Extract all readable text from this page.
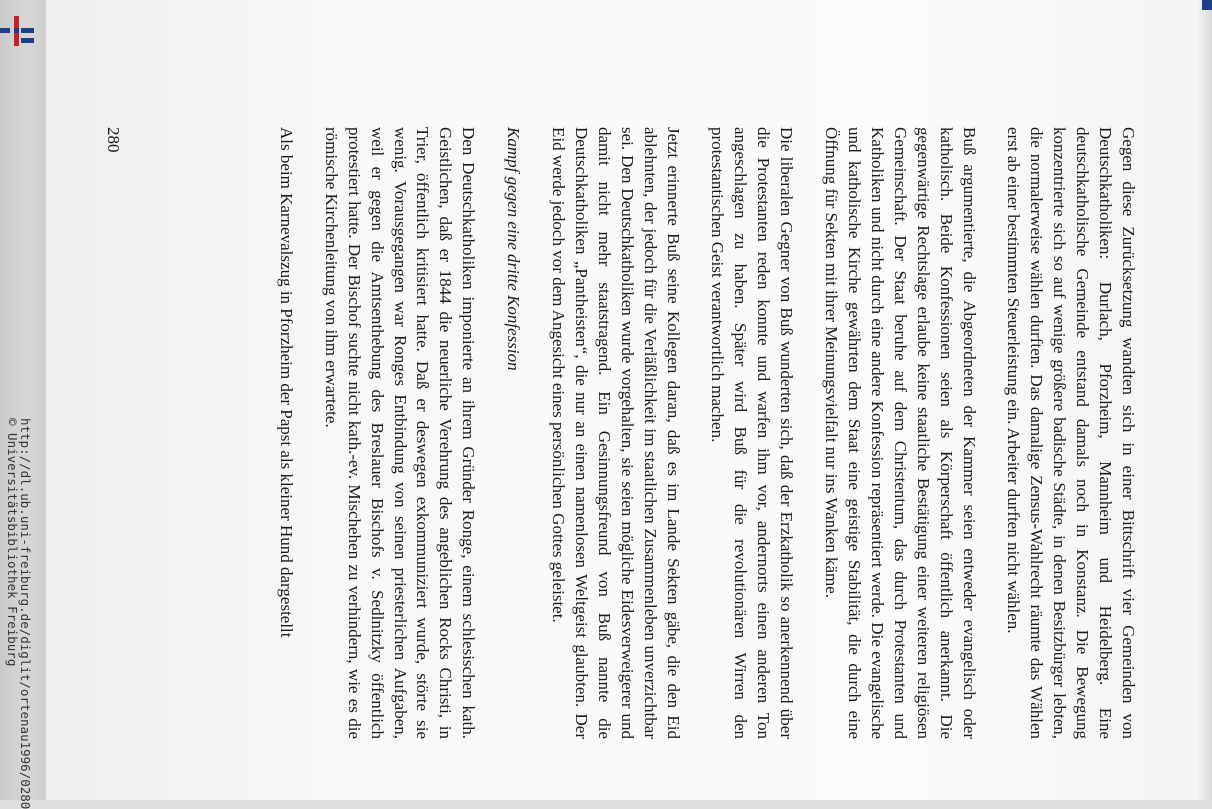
Gegen diese Zurücksetzung wandten sich in einer Bittschrift vier Gemeinden von Deutschkatholiken: Durlach, Pforzheim, Mannheim und Heidelberg. Eine deutschkatholische Gemeinde entstand damals noch in Konstanz. Die Bewegung konzentrierte sich so auf wenige größere badische Städte, in denen Besitzbürger lebten, die normalerweise wählen durften. Das damalige Zensus-Wahlrecht räumte das Wählen erst ab einer bestimmten Steuerleistung ein. Arbeiter durften nicht wählen.

Buß argumentierte, die Abgeordneten der Kammer seien entweder evangelisch oder katholisch. Beide Konfessionen seien als Körperschaft öffentlich anerkannt. Die gegenwärtige Rechtslage erlaube keine staatliche Bestätigung einer weiteren religiösen Gemeinschaft. Der Staat beruhe auf dem Christentum, das durch Protestanten und Katholiken und nicht durch eine andere Konfession repräsentiert werde. Die evangelische und katholische Kirche gewährten dem Staat eine geistige Stabilität, die durch eine Öffnung für Sekten mit ihrer Meinungsvielfalt nur ins Wanken käme.

Die liberalen Gegner von Buß wunderten sich, daß der Erzkatholik so anerkennend über die Protestanten reden konnte und warfen ihm vor, andernorts einen anderen Ton angeschlagen zu haben. Später wird Buß für die revolutionären Wirren den protestantischen Geist verantwortlich machen.

Jetzt erinnerte Buß seine Kollegen daran, daß es im Lande Sekten gäbe, die den Eid ablehnten, der jedoch für die Verläßlichkeit im staatlichen Zusammenleben unverzichtbar sei. Den Deutschkatholiken wurde vorgehalten, sie seien mögliche Eidesverweigerer und damit nicht mehr staatstragend. Ein Gesinnungsfreund von Buß nannte die Deutschkatholiken „Pantheisten“, die nur an einen namenlosen Weltgeist glaubten. Der Eid werde jedoch vor dem Angesicht eines persönlichen Gottes geleistet.

Kampf gegen eine dritte Konfession

Den Deutschkatholiken imponierte an ihrem Gründer Ronge, einem schlesischen kath. Geistlichen, daß er 1844 die neuerliche Verehrung des angeblichen Rocks Christi, in Trier, öffentlich kritisiert hatte. Daß er deswegen exkommuniziert wurde, störte sie wenig. Vorausgegangen war Ronges Entbindung von seinen priesterlichen Aufgaben, weil er gegen die Amtsenthebung des Breslauer Bischofs v. Sedlnitzky öffentlich protestiert hatte. Der Bischof suchte nicht kath.-ev. Mischehen zu verhindern, wie es die römische Kirchenleitung von ihm erwartete.

Als beim Karnevalszug in Pforzheim der Papst als kleiner Hund dargestellt

280
http://dl.ub.uni-freiburg.de/diglit/ortenau1996/0280
© Universitätsbibliothek Freiburg
